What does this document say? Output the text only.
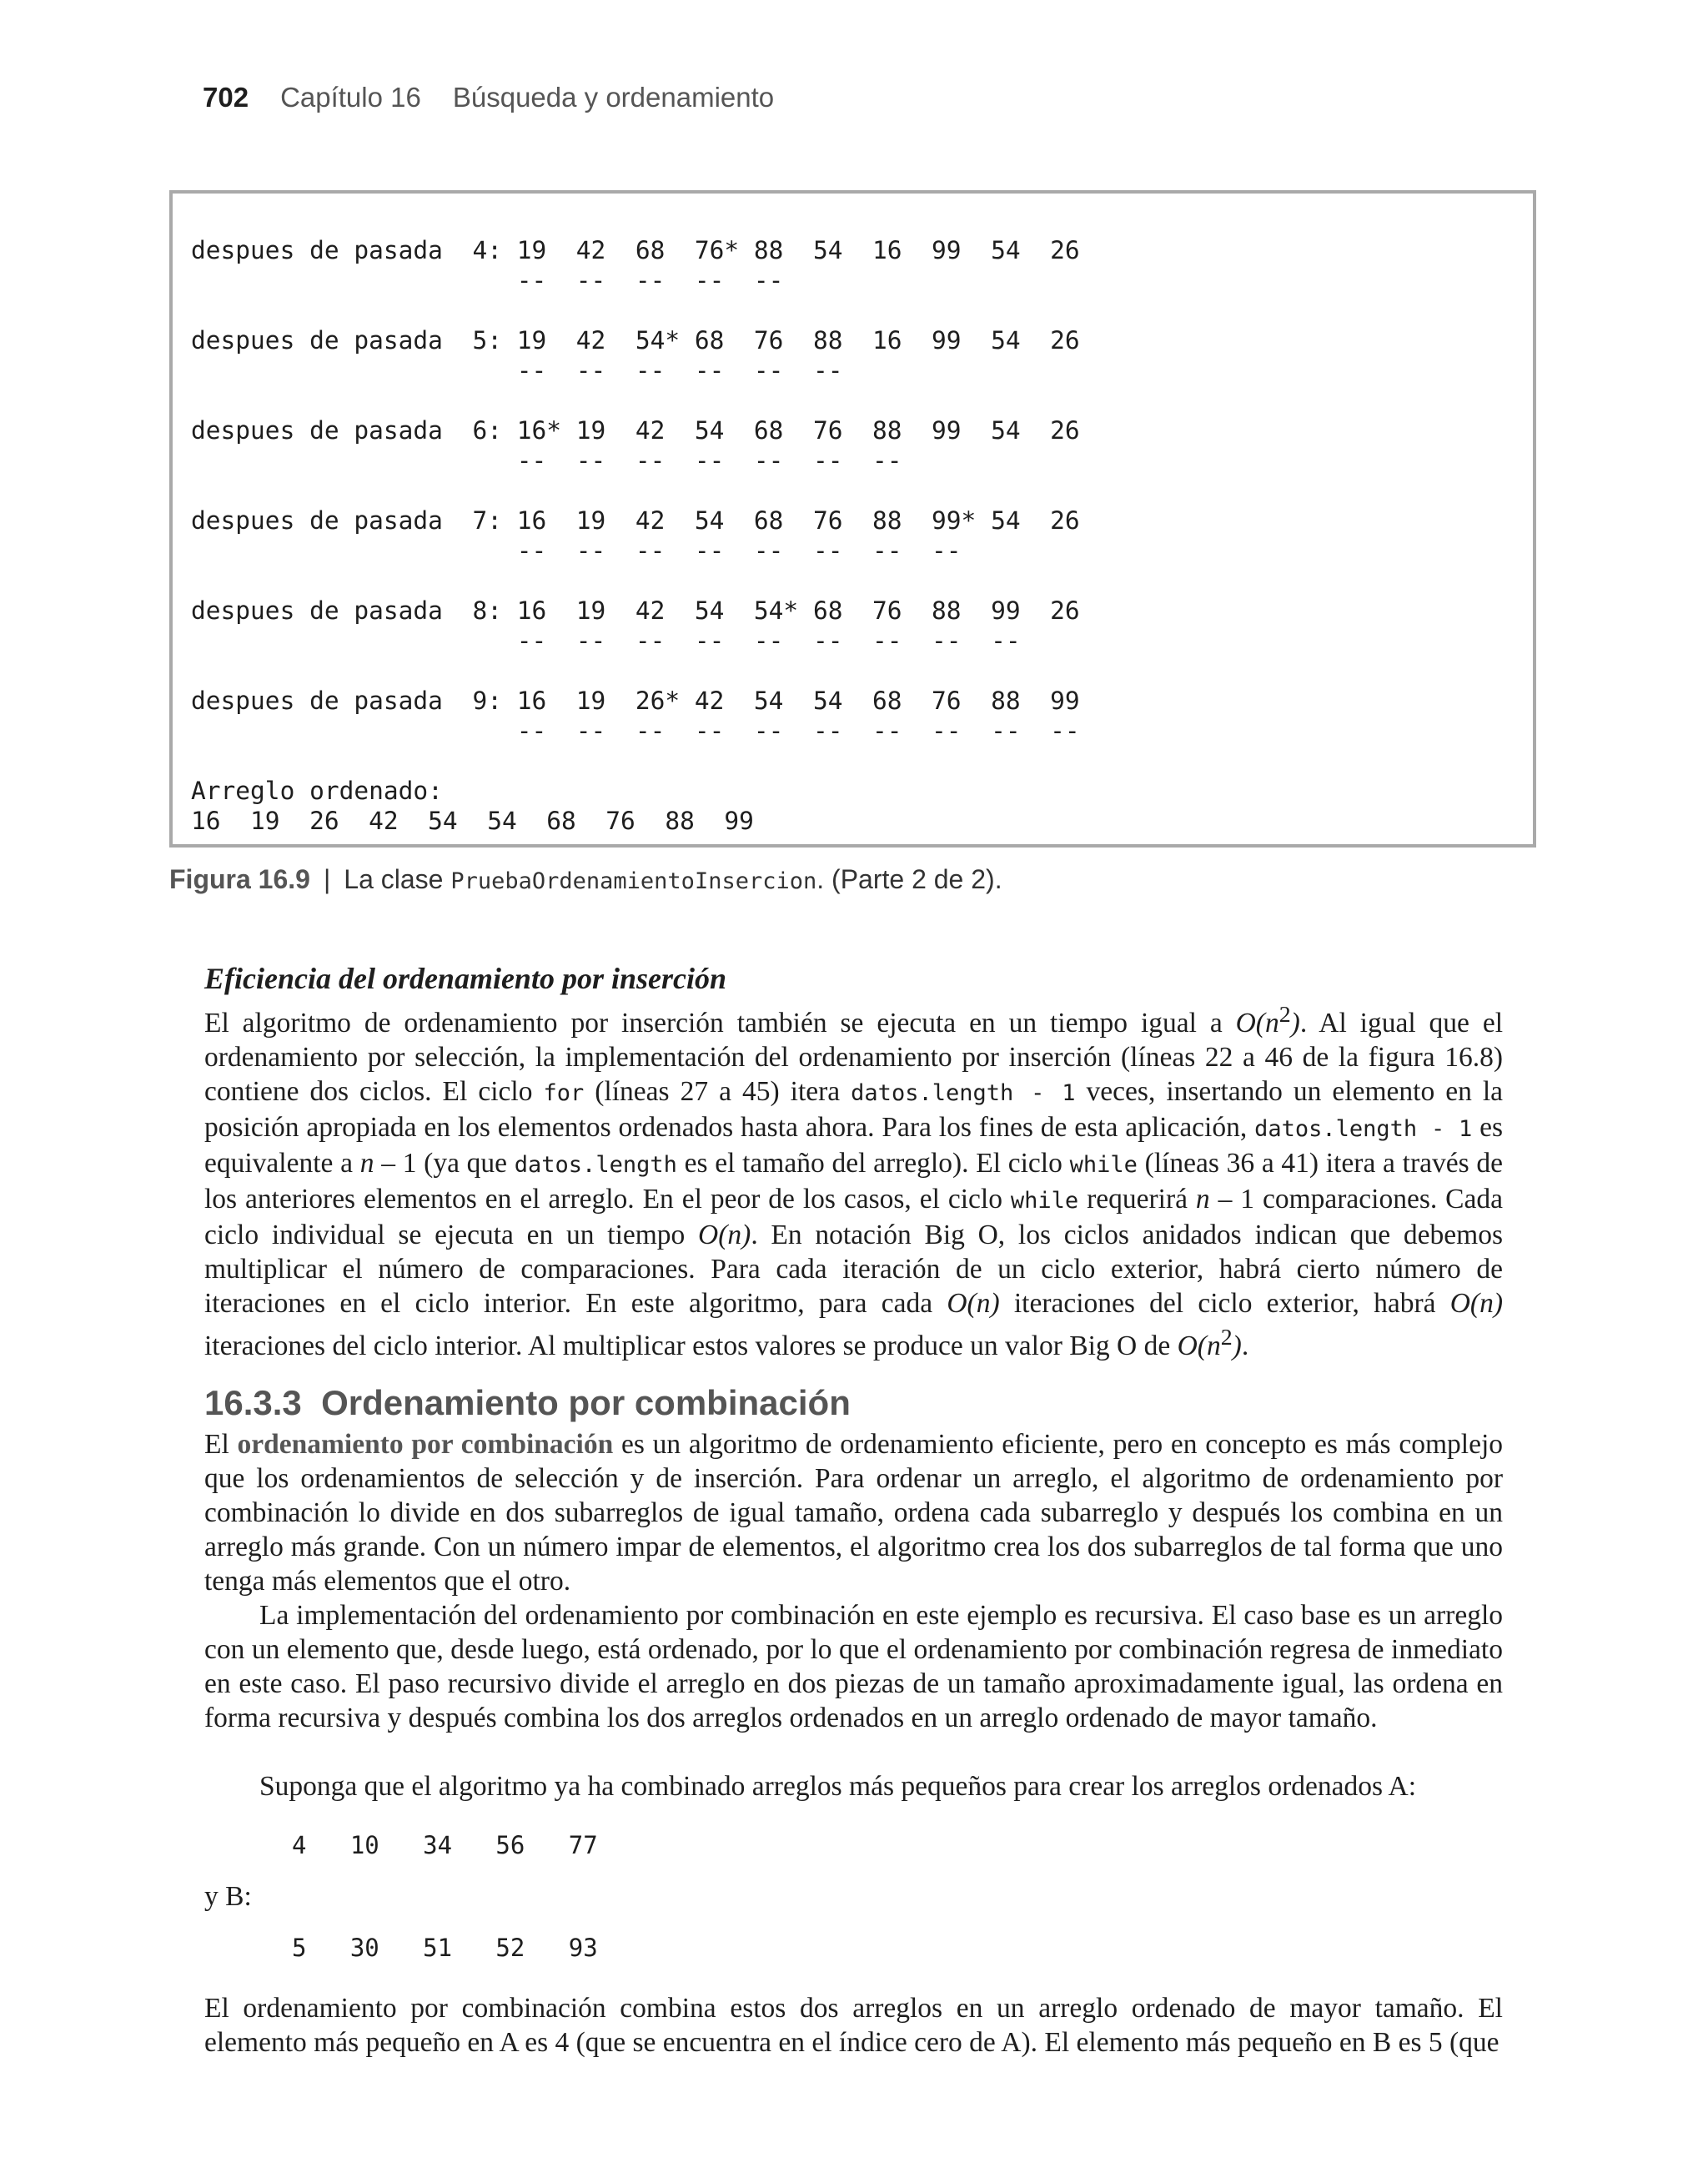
702 Capítulo 16 Búsqueda y ordenamiento
despues de pasada  4: 19  42  68  76* 88  54  16  99  54  26
--  --  --  --  --

despues de pasada  5: 19  42  54* 68  76  88  16  99  54  26
--  --  --  --  --  --

despues de pasada  6: 16* 19  42  54  68  76  88  99  54  26
--  --  --  --  --  --  --

despues de pasada  7: 16  19  42  54  68  76  88  99* 54  26
--  --  --  --  --  --  --  --

despues de pasada  8: 16  19  42  54  54* 68  76  88  99  26
--  --  --  --  --  --  --  --  --

despues de pasada  9: 16  19  26* 42  54  54  68  76  88  99
--  --  --  --  --  --  --  --  --  --

Arreglo ordenado:
16  19  26  42  54  54  68  76  88  99

Figura 16.9 | La clase PruebaOrdenamientoInsercion. (Parte 2 de 2).
Eficiencia del ordenamiento por inserción

El algoritmo de ordenamiento por inserción también se ejecuta en un tiempo igual a $O(n^2)$. Al igual que el ordenamiento por selección, la implementación del ordenamiento por inserción (líneas 22 a 46 de la figura 16.8) contiene dos ciclos. El ciclo for (líneas 27 a 45) itera datos.length - 1 veces, insertando un elemento en la posición apropiada en los elementos ordenados hasta ahora. Para los fines de esta aplicación, datos.length - 1 es equivalente a n – 1 (ya que datos.length es el tamaño del arreglo). El ciclo while (líneas 36 a 41) itera a través de los anteriores elementos en el arreglo. En el peor de los casos, el ciclo while requerirá n – 1 comparaciones. Cada ciclo individual se ejecuta en un tiempo O(n). En notación Big O, los ciclos anidados indican que debemos multiplicar el número de comparaciones. Para cada iteración de un ciclo exterior, habrá cierto número de iteraciones en el ciclo interior. En este algoritmo, para cada O(n) iteraciones del ciclo exterior, habrá O(n) iteraciones del ciclo interior. Al multiplicar estos valores se produce un valor Big O de $O(n^2)$.

16.3.3 Ordenamiento por combinación

El ordenamiento por combinación es un algoritmo de ordenamiento eficiente, pero en concepto es más complejo que los ordenamientos de selección y de inserción. Para ordenar un arreglo, el algoritmo de ordenamiento por combinación lo divide en dos subarreglos de igual tamaño, ordena cada subarreglo y después los combina en un arreglo más grande. Con un número impar de elementos, el algoritmo crea los dos subarreglos de tal forma que uno tenga más elementos que el otro.

La implementación del ordenamiento por combinación en este ejemplo es recursiva. El caso base es un arreglo con un elemento que, desde luego, está ordenado, por lo que el ordenamiento por combinación regresa de inmediato en este caso. El paso recursivo divide el arreglo en dos piezas de un tamaño aproximadamente igual, las ordena en forma recursiva y después combina los dos arreglos ordenados en un arreglo ordenado de mayor tamaño.

Suponga que el algoritmo ya ha combinado arreglos más pequeños para crear los arreglos ordenados A:

4   10   34   56   77

y B:

5   30   51   52   93

El ordenamiento por combinación combina estos dos arreglos en un arreglo ordenado de mayor tamaño. El elemento más pequeño en A es 4 (que se encuentra en el índice cero de A). El elemento más pequeño en B es 5 (que
